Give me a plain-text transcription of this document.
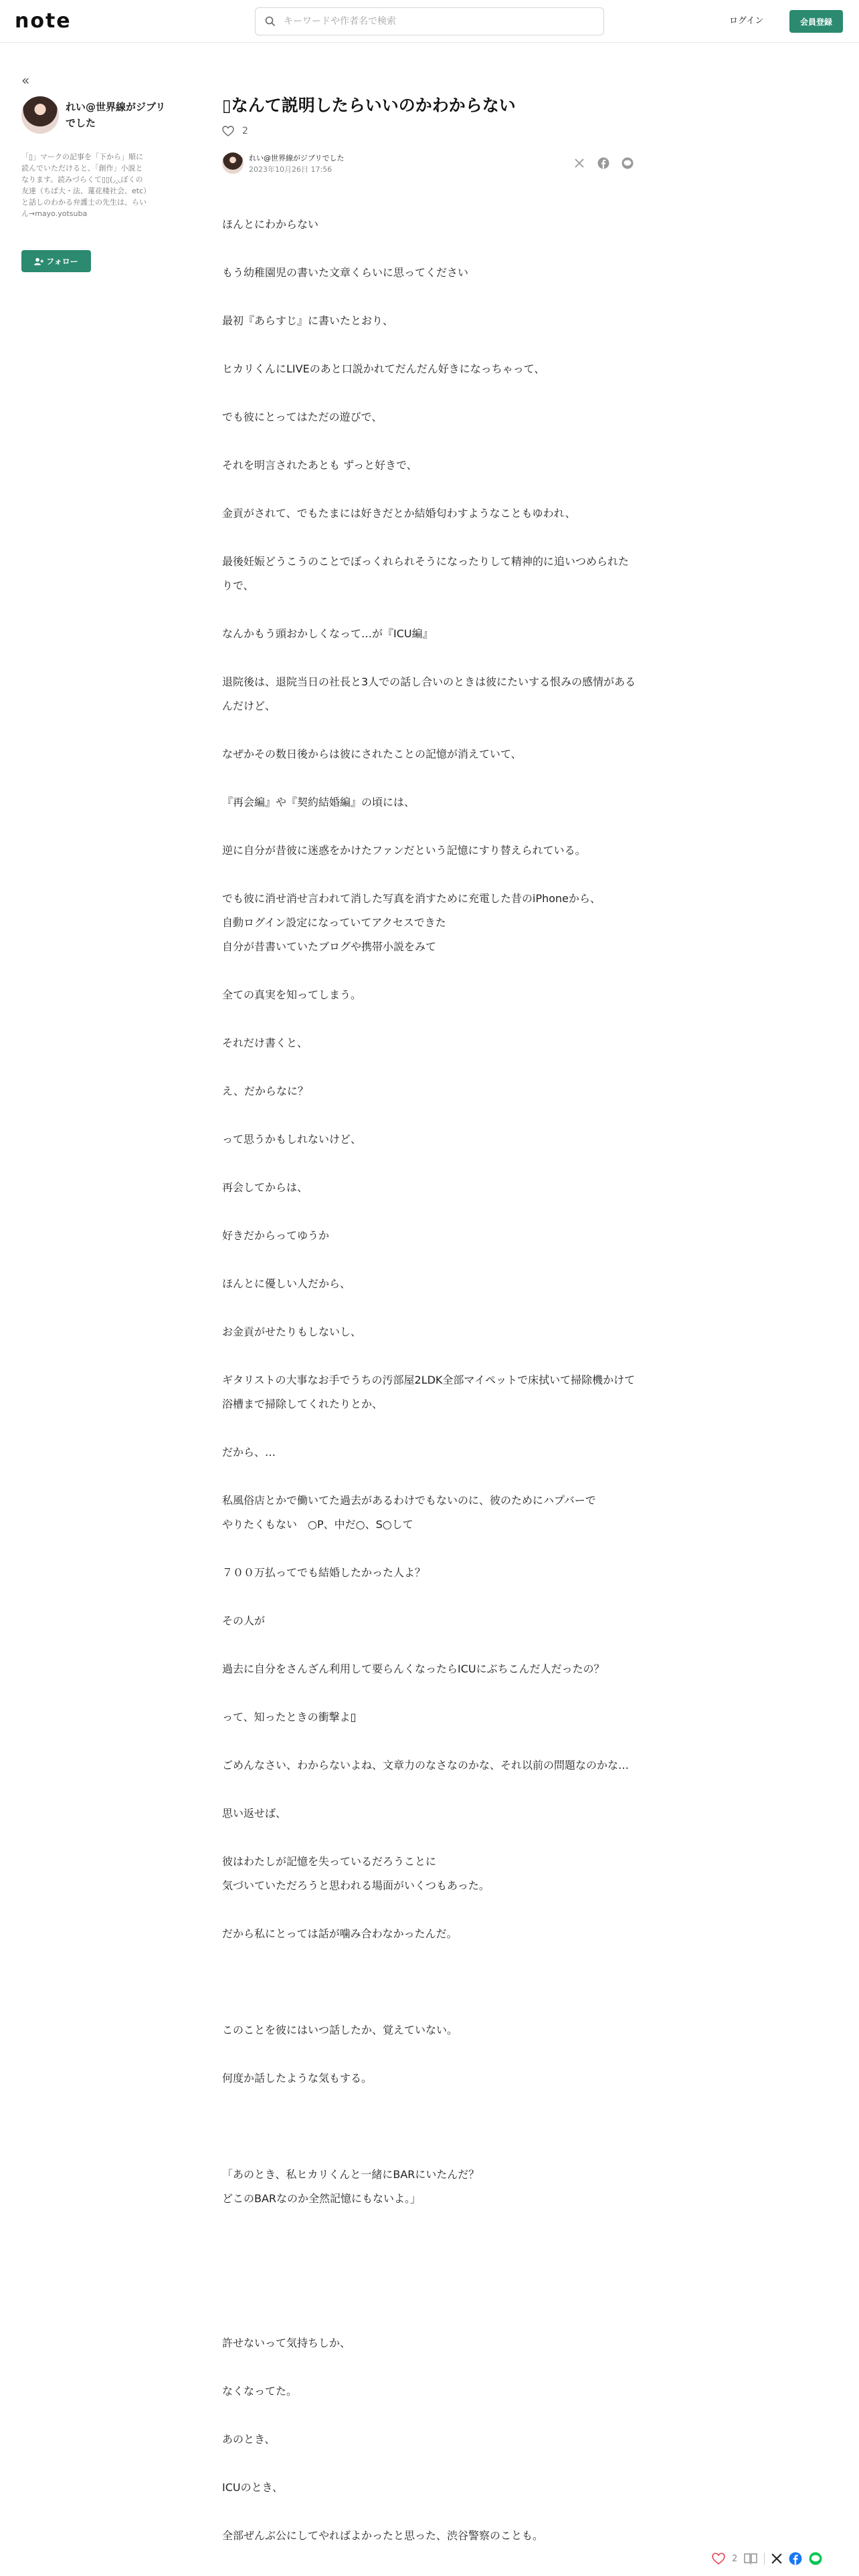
note
キーワードや作者名で検索	ログイン	会員登録
«
れい@世界線がジブリでした
「▯」マークの記事を「下から」順に読んでいただけると、「創作」小説となります。読みづらくて▯▯(◞‸◟ぼくの友達（ちば大・法、蓮花楼社会、etc）と話しのわかる弁護士の先生は、らいん→mayo.yotsuba
フォロー
▯なんて説明したらいいのかわからない
2
れい@世界線がジブリでした
2023年10月26日 17:56

ほんとにわからない

もう幼稚園児の書いた文章くらいに思ってください

最初『あらすじ』に書いたとおり、

ヒカリくんにLIVEのあと口説かれてだんだん好きになっちゃって、

でも彼にとってはただの遊びで、

それを明言されたあとも ずっと好きで、

金貢がされて、でもたまには好きだとか結婚匂わすようなこともゆわれ、

最後妊娠どうこうのことでぼっくれられそうになったりして精神的に追いつめられたりで、

なんかもう頭おかしくなって…が『ICU編』

退院後は、退院当日の社長と3人での話し合いのときは彼にたいする恨みの感情があるんだけど、

なぜかその数日後からは彼にされたことの記憶が消えていて、

『再会編』や『契約結婚編』の頃には、

逆に自分が昔彼に迷惑をかけたファンだという記憶にすり替えられている。

でも彼に消せ消せ言われて消した写真を消すために充電した昔のiPhoneから、
自動ログイン設定になっていてアクセスできた
自分が昔書いていたブログや携帯小説をみて

全ての真実を知ってしまう。

それだけ書くと、

え、だからなに？

って思うかもしれないけど、

再会してからは、

好きだからってゆうか

ほんとに優しい人だから、

お金貢がせたりもしないし、

ギタリストの大事なお手でうちの汚部屋2LDK全部マイペットで床拭いて掃除機かけて浴槽まで掃除してくれたりとか、

だから、…

私風俗店とかで働いてた過去があるわけでもないのに、彼のためにハプバーで
やりたくもない　○P、中だ○、S○して

７００万払ってでも結婚したかった人よ？

その人が

過去に自分をさんざん利用して要らんくなったらICUにぶちこんだ人だったの？

って、知ったときの衝撃よ▯

ごめんなさい、わからないよね、文章力のなさなのかな、それ以前の問題なのかな…

思い返せば、

彼はわたしが記憶を失っているだろうことに
気づいていただろうと思われる場面がいくつもあった。

だから私にとっては話が噛み合わなかったんだ。

このことを彼にはいつ話したか、覚えていない。

何度か話したような気もする。

「あのとき、私ヒカリくんと一緒にBARにいたんだ？
どこのBARなのか全然記憶にもないよ。」

許せないって気持ちしか、

なくなってた。

あのとき、

ICUのとき、

全部ぜんぶ公にしてやればよかったと思った、渋谷警察のことも。

2
